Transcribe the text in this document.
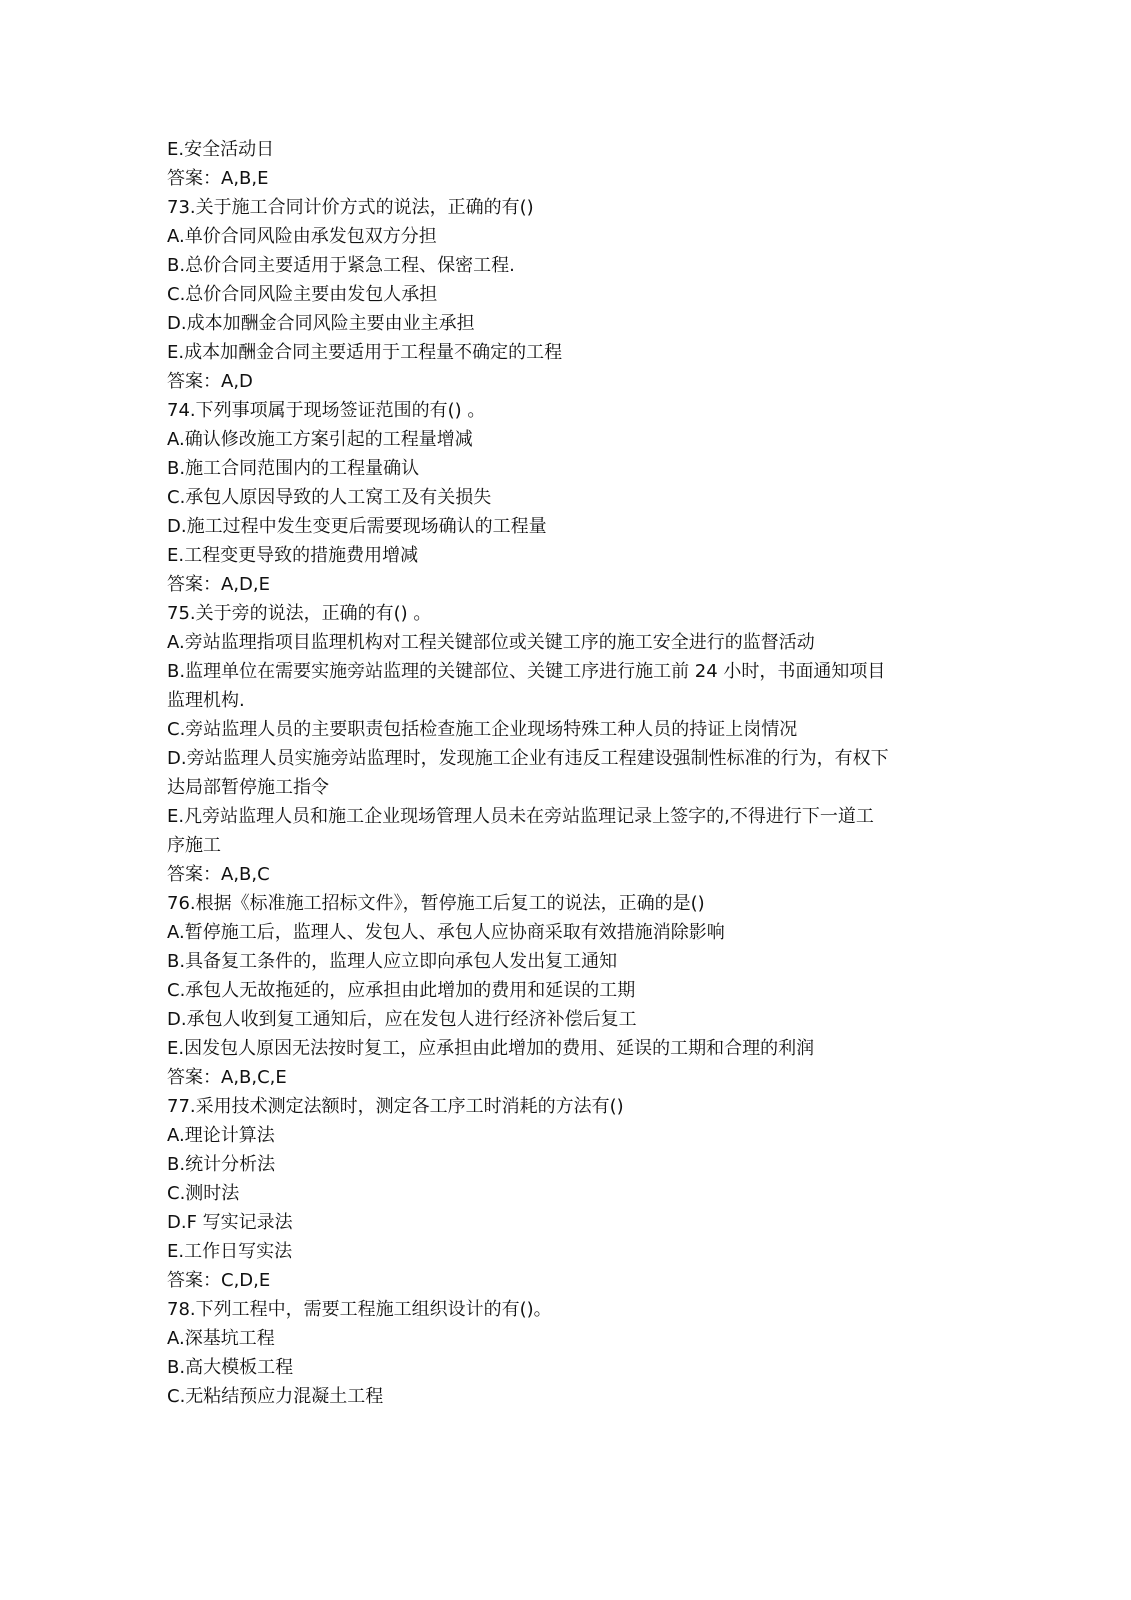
E.安全活动日
答案：A,B,E
73.关于施工合同计价方式的说法，正确的有()
A.单价合同风险由承发包双方分担
B.总价合同主要适用于紧急工程、保密工程.
C.总价合同风险主要由发包人承担
D.成本加酬金合同风险主要由业主承担
E.成本加酬金合同主要适用于工程量不确定的工程
答案：A,D
74.下列事项属于现场签证范围的有() 。
A.确认修改施工方案引起的工程量增减
B.施工合同范围内的工程量确认
C.承包人原因导致的人工窝工及有关损失
D.施工过程中发生变更后需要现场确认的工程量
E.工程变更导致的措施费用增减
答案：A,D,E
75.关于旁的说法，正确的有() 。
A.旁站监理指项目监理机构对工程关键部位或关键工序的施工安全进行的监督活动
B.监理单位在需要实施旁站监理的关键部位、关键工序进行施工前 24 小时，书面通知项目
监理机构.
C.旁站监理人员的主要职责包括检查施工企业现场特殊工种人员的持证上岗情况
D.旁站监理人员实施旁站监理时，发现施工企业有违反工程建设强制性标准的行为，有权下
达局部暂停施工指令
E.凡旁站监理人员和施工企业现场管理人员未在旁站监理记录上签字的,不得进行下一道工
序施工
答案：A,B,C
76.根据《标准施工招标文件》，暂停施工后复工的说法，正确的是()
A.暂停施工后，监理人、发包人、承包人应协商采取有效措施消除影响
B.具备复工条件的，监理人应立即向承包人发出复工通知
C.承包人无故拖延的，应承担由此增加的费用和延误的工期
D.承包人收到复工通知后，应在发包人进行经济补偿后复工
E.因发包人原因无法按时复工，应承担由此增加的费用、延误的工期和合理的利润
答案：A,B,C,E
77.采用技术测定法额时，测定各工序工时消耗的方法有()
A.理论计算法
B.统计分析法
C.测时法
D.F 写实记录法
E.工作日写实法
答案：C,D,E
78.下列工程中，需要工程施工组织设计的有()。
A.深基坑工程
B.高大模板工程
C.无粘结预应力混凝土工程
